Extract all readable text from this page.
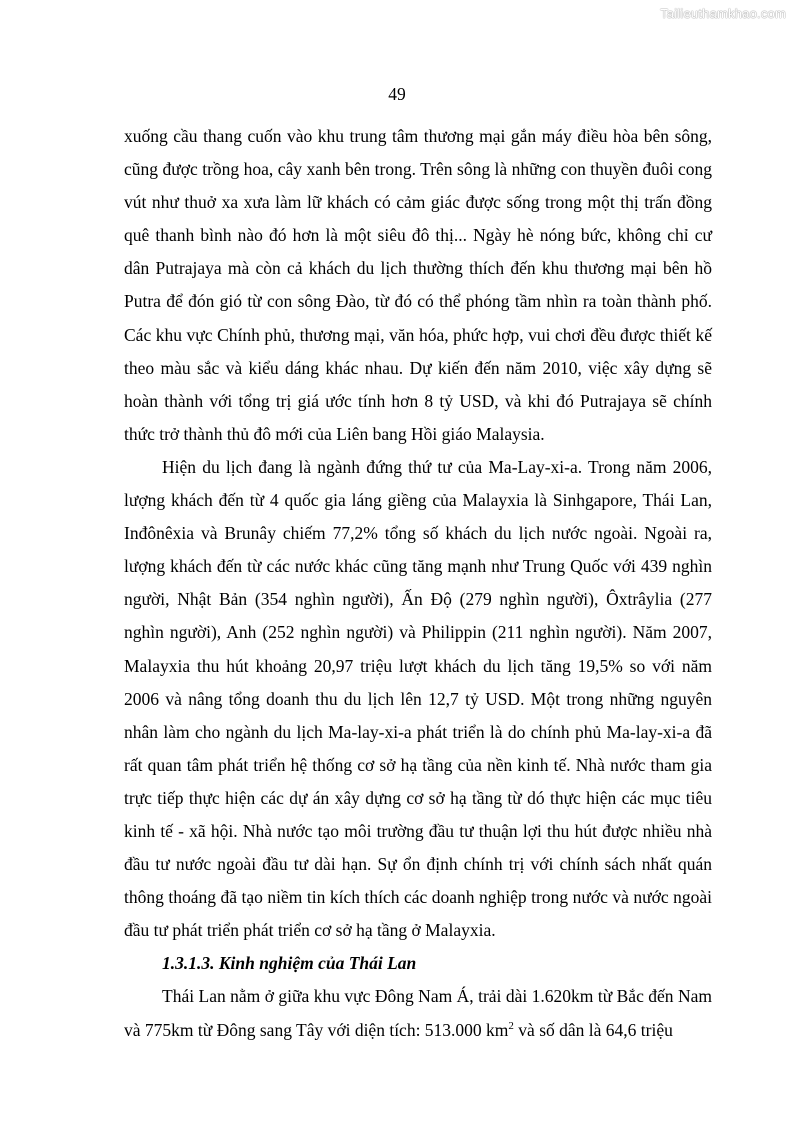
Tailieuthamkhao.com
49

xuống cầu thang cuốn vào khu trung tâm thương mại gắn máy điều hòa bên sông, cũng được trồng hoa, cây xanh bên trong. Trên sông là những con thuyền đuôi cong vút như thuở xa xưa làm lữ khách có cảm giác được sống trong một thị trấn đồng quê thanh bình nào đó hơn là một siêu đô thị... Ngày hè nóng bức, không chỉ cư dân Putrajaya mà còn cả khách du lịch thường thích đến khu thương mại bên hồ Putra để đón gió từ con sông Đào, từ đó có thể phóng tầm nhìn ra toàn thành phố. Các khu vực Chính phủ, thương mại, văn hóa, phức hợp, vui chơi đều được thiết kế theo màu sắc và kiểu dáng khác nhau. Dự kiến đến năm 2010, việc xây dựng sẽ hoàn thành với tổng trị giá ước tính hơn 8 tỷ USD, và khi đó Putrajaya sẽ chính thức trở thành thủ đô mới của Liên bang Hồi giáo Malaysia.

Hiện du lịch đang là ngành đứng thứ tư của Ma-Lay-xi-a. Trong năm 2006, lượng khách đến từ 4 quốc gia láng giềng của Malayxia là Sinhgapore, Thái Lan, Inđônêxia và Brunây chiếm 77,2% tổng số khách du lịch nước ngoài. Ngoài ra, lượng khách đến từ các nước khác cũng tăng mạnh như Trung Quốc với 439 nghìn người, Nhật Bản (354 nghìn người), Ấn Độ (279 nghìn người), Ôxtrâylia (277 nghìn người), Anh (252 nghìn người) và Philippin (211 nghìn người). Năm 2007, Malayxia thu hút khoảng 20,97 triệu lượt khách du lịch tăng 19,5% so với năm 2006 và nâng tổng doanh thu du lịch lên 12,7 tỷ USD. Một trong những nguyên nhân làm cho ngành du lịch Ma-lay-xi-a phát triển là do chính phủ Ma-lay-xi-a đã rất quan tâm phát triển hệ thống cơ sở hạ tầng của nền kinh tế. Nhà nước tham gia trực tiếp thực hiện các dự án xây dựng cơ sở hạ tầng từ dó thực hiện các mục tiêu kinh tế - xã hội. Nhà nước tạo môi trường đầu tư thuận lợi thu hút được nhiều nhà đầu tư nước ngoài đầu tư dài hạn. Sự ổn định chính trị với chính sách nhất quán thông thoáng đã tạo niềm tin kích thích các doanh nghiệp trong nước và nước ngoài đầu tư phát triển phát triển cơ sở hạ tầng ở Malayxia.

1.3.1.3. Kinh nghiệm của Thái Lan

Thái Lan nằm ở giữa khu vực Đông Nam Á, trải dài 1.620km từ Bắc đến Nam và 775km từ Đông sang Tây với diện tích: 513.000 $km^2$ và số dân là 64,6 triệu
